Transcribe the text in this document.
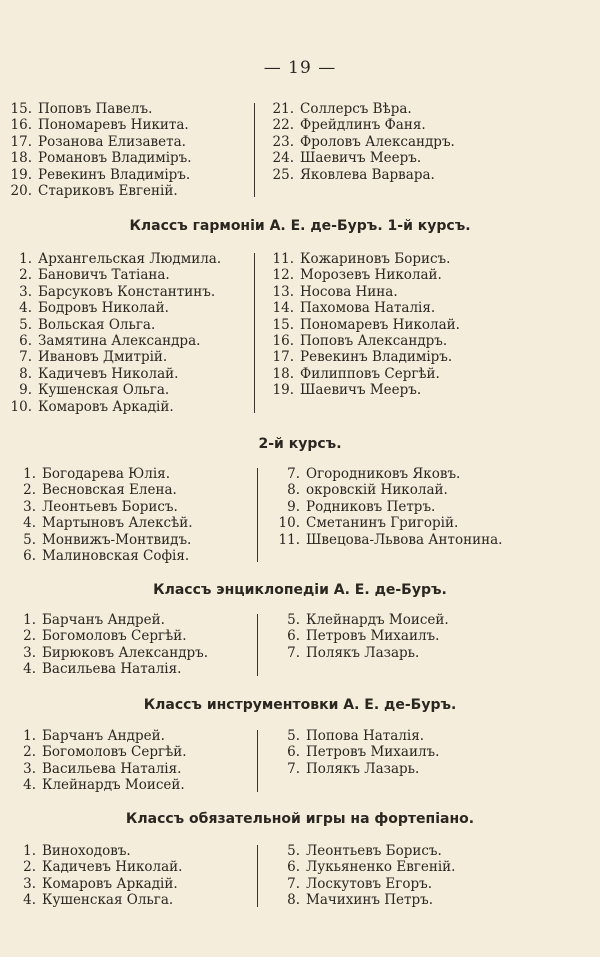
— 19 —
15. Поповъ Павелъ.
16. Пономаревъ Никита.
17. Розанова Елизавета.
18. Романовъ Владиміръ.
19. Ревекинъ Владиміръ.
20. Стариковъ Евгеній.
21. Соллерсъ Вѣра.
22. Фрейдлинъ Фаня.
23. Фроловъ Александръ.
24. Шаевичъ Мееръ.
25. Яковлева Варвара.
Классъ гармоніи А. Е. де-Буръ. 1-й курсъ.
1. Архангельская Людмила.
2. Бановичъ Татіана.
3. Барсуковъ Константинъ.
4. Бодровъ Николай.
5. Вольская Ольга.
6. Замятина Александра.
7. Ивановъ Дмитрій.
8. Кадичевъ Николай.
9. Кушенская Ольга.
10. Комаровъ Аркадій.
11. Кожариновъ Борисъ.
12. Морозевъ Николай.
13. Носова Нина.
14. Пахомова Наталія.
15. Пономаревъ Николай.
16. Поповъ Александръ.
17. Ревекинъ Владиміръ.
18. Филипповъ Сергѣй.
19. Шаевичъ Мееръ.
2-й курсъ.
1. Богодарева Юлія.
2. Весновская Елена.
3. Леонтьевъ Борисъ.
4. Мартыновъ Алексѣй.
5. Монвижъ-Монтвидъ.
6. Малиновская Софія.
7. Огородниковъ Яковъ.
8. окровскій Николай.
9. Родниковъ Петръ.
10. Сметанинъ Григорій.
11. Швецова-Львова Антонина.
Классъ энциклопедіи А. Е. де-Буръ.
1. Барчанъ Андрей.
2. Богомоловъ Сергѣй.
3. Бирюковъ Александръ.
4. Васильева Наталія.
5. Клейнардъ Моисей.
6. Петровъ Михаилъ.
7. Полякъ Лазарь.
Классъ инструментовки А. Е. де-Буръ.
1. Барчанъ Андрей.
2. Богомоловъ Сергѣй.
3. Васильева Наталія.
4. Клейнардъ Моисей.
5. Попова Наталія.
6. Петровъ Михаилъ.
7. Полякъ Лазарь.
Классъ обязательной игры на фортепіано.
1. Виноходовъ.
2. Кадичевъ Николай.
3. Комаровъ Аркадій.
4. Кушенская Ольга.
5. Леонтьевъ Борисъ.
6. Лукьяненко Евгеній.
7. Лоскутовъ Егоръ.
8. Мачихинъ Петръ.
